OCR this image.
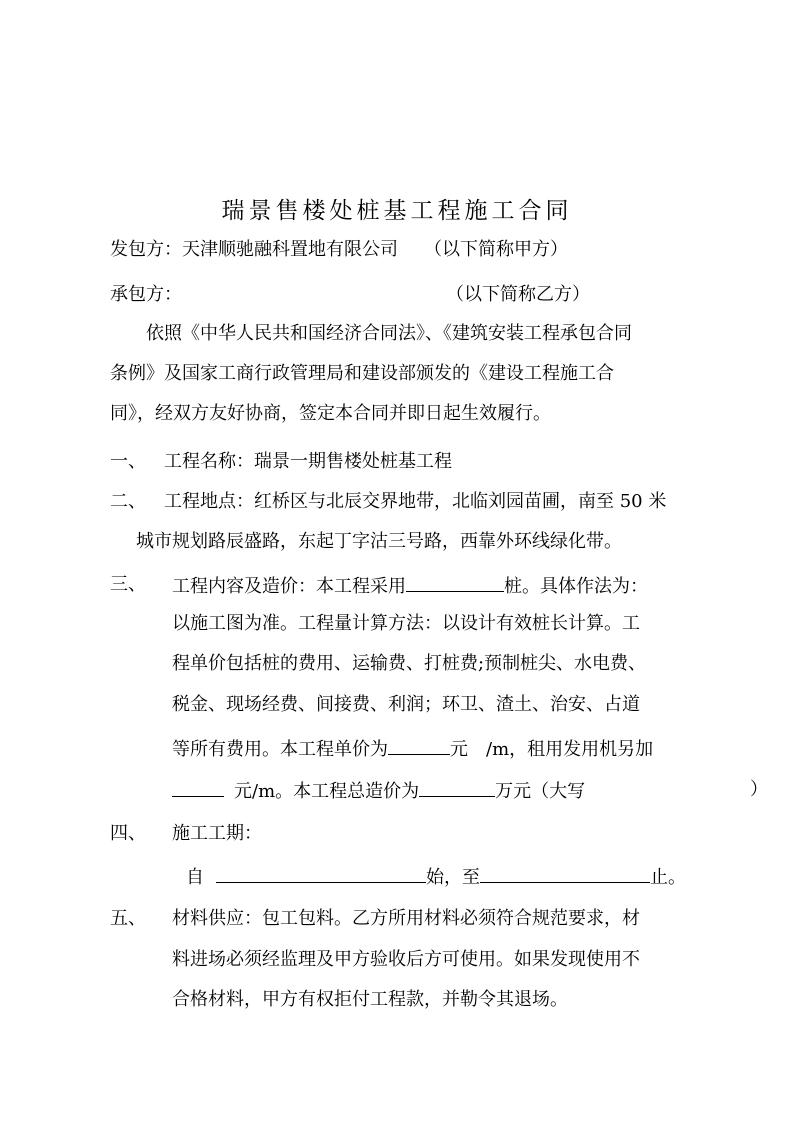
瑞景售楼处桩基工程施工合同
发包方：天津顺驰融科置地有限公司 （以下简称甲方）
承包方：	（以下简称乙方）
依照《中华人民共和国经济合同法》、《建筑安装工程承包合同
条例》及国家工商行政管理局和建设部颁发的《建设工程施工合
同》，经双方友好协商，签定本合同并即日起生效履行。
一、 工程名称：瑞景一期售楼处桩基工程
二、 工程地点：红桥区与北辰交界地带，北临刘园苗圃，南至 50 米
城市规划路辰盛路，东起丁字沽三号路，西靠外环线绿化带。
三、 工程内容及造价：本工程采用	桩。具体作法为：
以施工图为准。工程量计算方法：以设计有效桩长计算。工
程单价包括桩的费用、运输费、打桩费;预制桩尖、水电费、
税金、现场经费、间接费、利润；环卫、渣土、治安、占道
等所有费用。本工程单价为	元　/m，租用发用机另加
元/m。本工程总造价为	万元（大写	）
四、 施工工期：
自	始，至	止。
五、 材料供应：包工包料。乙方所用材料必须符合规范要求，材
料进场必须经监理及甲方验收后方可使用。如果发现使用不
合格材料，甲方有权拒付工程款，并勒令其退场。
